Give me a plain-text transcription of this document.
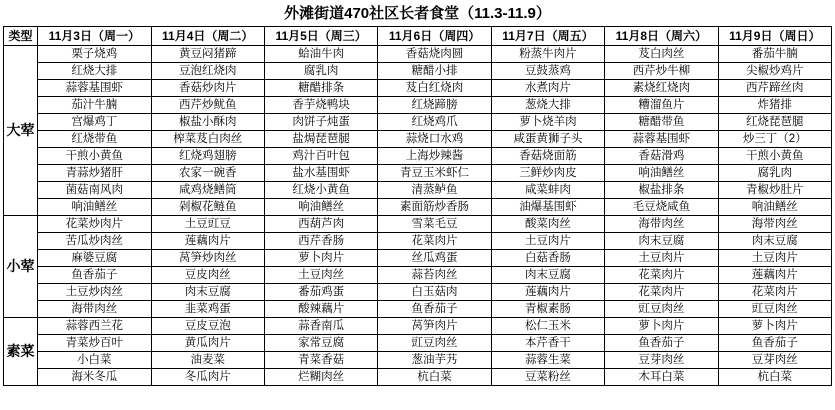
外滩街道470社区长者食堂（11.3-11.9）
类型	11月3日（周一）	11月4日（周二）	11月5日（周三）	11月6日（周四）	11月7日（周五）	11月8日（周六）	11月9日（周日）
大荤	栗子烧鸡	黄豆闷猪蹄	蛤油牛肉	香菇烧肉圆	粉蒸牛肉片	芨白肉丝	番茄牛腩
	红烧大排	豆泡红烧肉	腐乳肉	糖醋小排	豆鼓蒸鸡	西芹炒牛柳	尖椒炒鸡片
	蒜蓉基围虾	香菇炒肉片	糖醋排条	芨白红烧肉	水煮肉片	素烧红烧肉	西芹蹄丝肉
	茄汁牛腩	西芹炒鱿鱼	香芋烧鸭块	红烧蹄膀	葱烧大排	糟溜鱼片	炸猪排
	宫爆鸡丁	椒盐小酥肉	肉饼子炖蛋	红烧鸡爪	萝卜烧羊肉	糖醋带鱼	红烧琵琶腿
	红烧带鱼	榨菜芨白肉丝	盐焗琵琶腿	蒜烧口水鸡	咸蛋黄狮子头	蒜蓉基围虾	炒三丁（2）
	干煎小黄鱼	红烧鸡翅膀	鸡汁百叶包	上海炒辣酱	香菇烧面筋	香菇滑鸡	干煎小黄鱼
	青蒜炒猪肝	农家一碗香	盐水基围虾	青豆玉米虾仁	三鲜炒肉皮	响油鳝丝	腐乳肉
	菌菇南风肉	咸鸡烧鳝筒	红烧小黄鱼	清蒸鲈鱼	咸菜蚌肉	椒盐排条	青椒炒肚片
	响油鳝丝	剁椒花鲢鱼	响油鳝丝	素面筋炒香肠	油爆基围虾	毛豆烧咸鱼	响油鳝丝
小荤	花菜炒肉片	土豆豇豆	西葫芦肉	雪菜毛豆	酸菜肉丝	海带肉丝	海带肉丝
	苦瓜炒肉丝	莲藕肉片	西芹香肠	花菜肉片	土豆肉片	肉末豆腐	肉末豆腐
	麻婆豆腐	莴笋炒肉丝	萝卜肉片	丝瓜鸡蛋	白菇香肠	土豆肉片	土豆肉片
	鱼香茄子	豆皮肉丝	土豆肉丝	蒜苔肉丝	肉末豆腐	花菜肉片	莲藕肉片
	土豆炒肉丝	肉末豆腐	番茄鸡蛋	白玉菇肉	莲藕肉片	花菜肉片	花菜肉片
	海带肉丝	韭菜鸡蛋	酸辣藕片	鱼香茄子	青椒素肠	豇豆肉丝	豇豆肉丝
素菜	蒜蓉西兰花	豆皮豆泡	蒜香南瓜	莴笋肉片	松仁玉米	萝卜肉片	萝卜肉片
	青菜炒百叶	黄瓜肉片	家常豆腐	豇豆肉丝	本芹香干	鱼香茄子	鱼香茄子
	小白菜	油麦菜	青菜香菇	葱油芋艿	蒜蓉生菜	豆芽肉丝	豆芽肉丝
	海米冬瓜	冬瓜肉片	烂糊肉丝	杭白菜	豆菜粉丝	木耳白菜	杭白菜
